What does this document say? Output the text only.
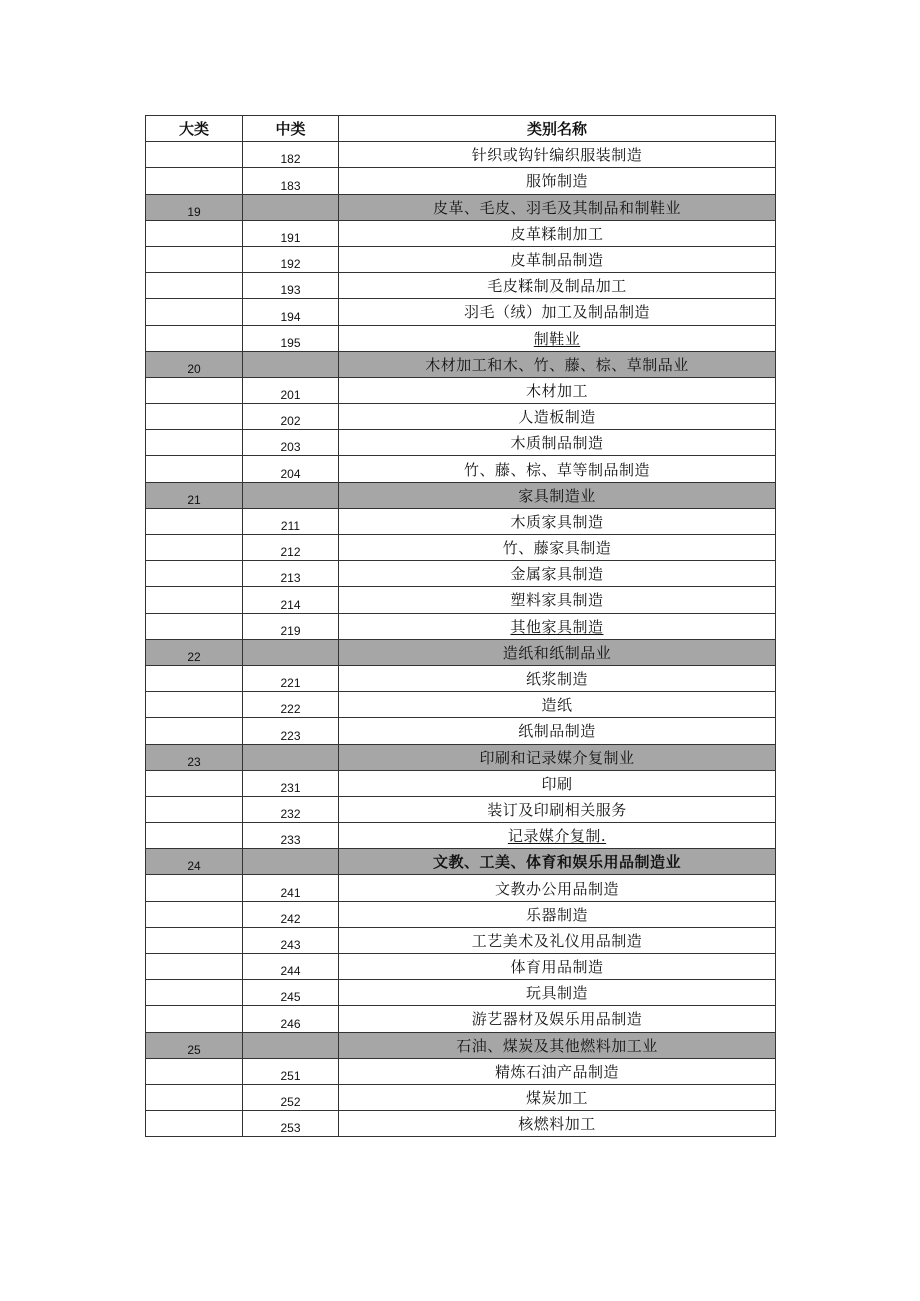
大类	中类	类别名称
	182	针织或钩针编织服装制造
	183	服饰制造
19		皮革、毛皮、羽毛及其制品和制鞋业
	191	皮革糅制加工
	192	皮革制品制造
	193	毛皮糅制及制品加工
	194	羽毛（绒）加工及制品制造
	195	制鞋业
20		木材加工和木、竹、藤、棕、草制品业
	201	木材加工
	202	人造板制造
	203	木质制品制造
	204	竹、藤、棕、草等制品制造
21		家具制造业
	211	木质家具制造
	212	竹、藤家具制造
	213	金属家具制造
	214	塑料家具制造
	219	其他家具制造
22		造纸和纸制品业
	221	纸浆制造
	222	造纸
	223	纸制品制造
23		印刷和记录媒介复制业
	231	印刷
	232	装订及印刷相关服务
	233	记录媒介复制.
24		文教、工美、体育和娱乐用品制造业
	241	文教办公用品制造
	242	乐器制造
	243	工艺美术及礼仪用品制造
	244	体育用品制造
	245	玩具制造
	246	游艺器材及娱乐用品制造
25		石油、煤炭及其他燃料加工业
	251	精炼石油产品制造
	252	煤炭加工
	253	核燃料加工
